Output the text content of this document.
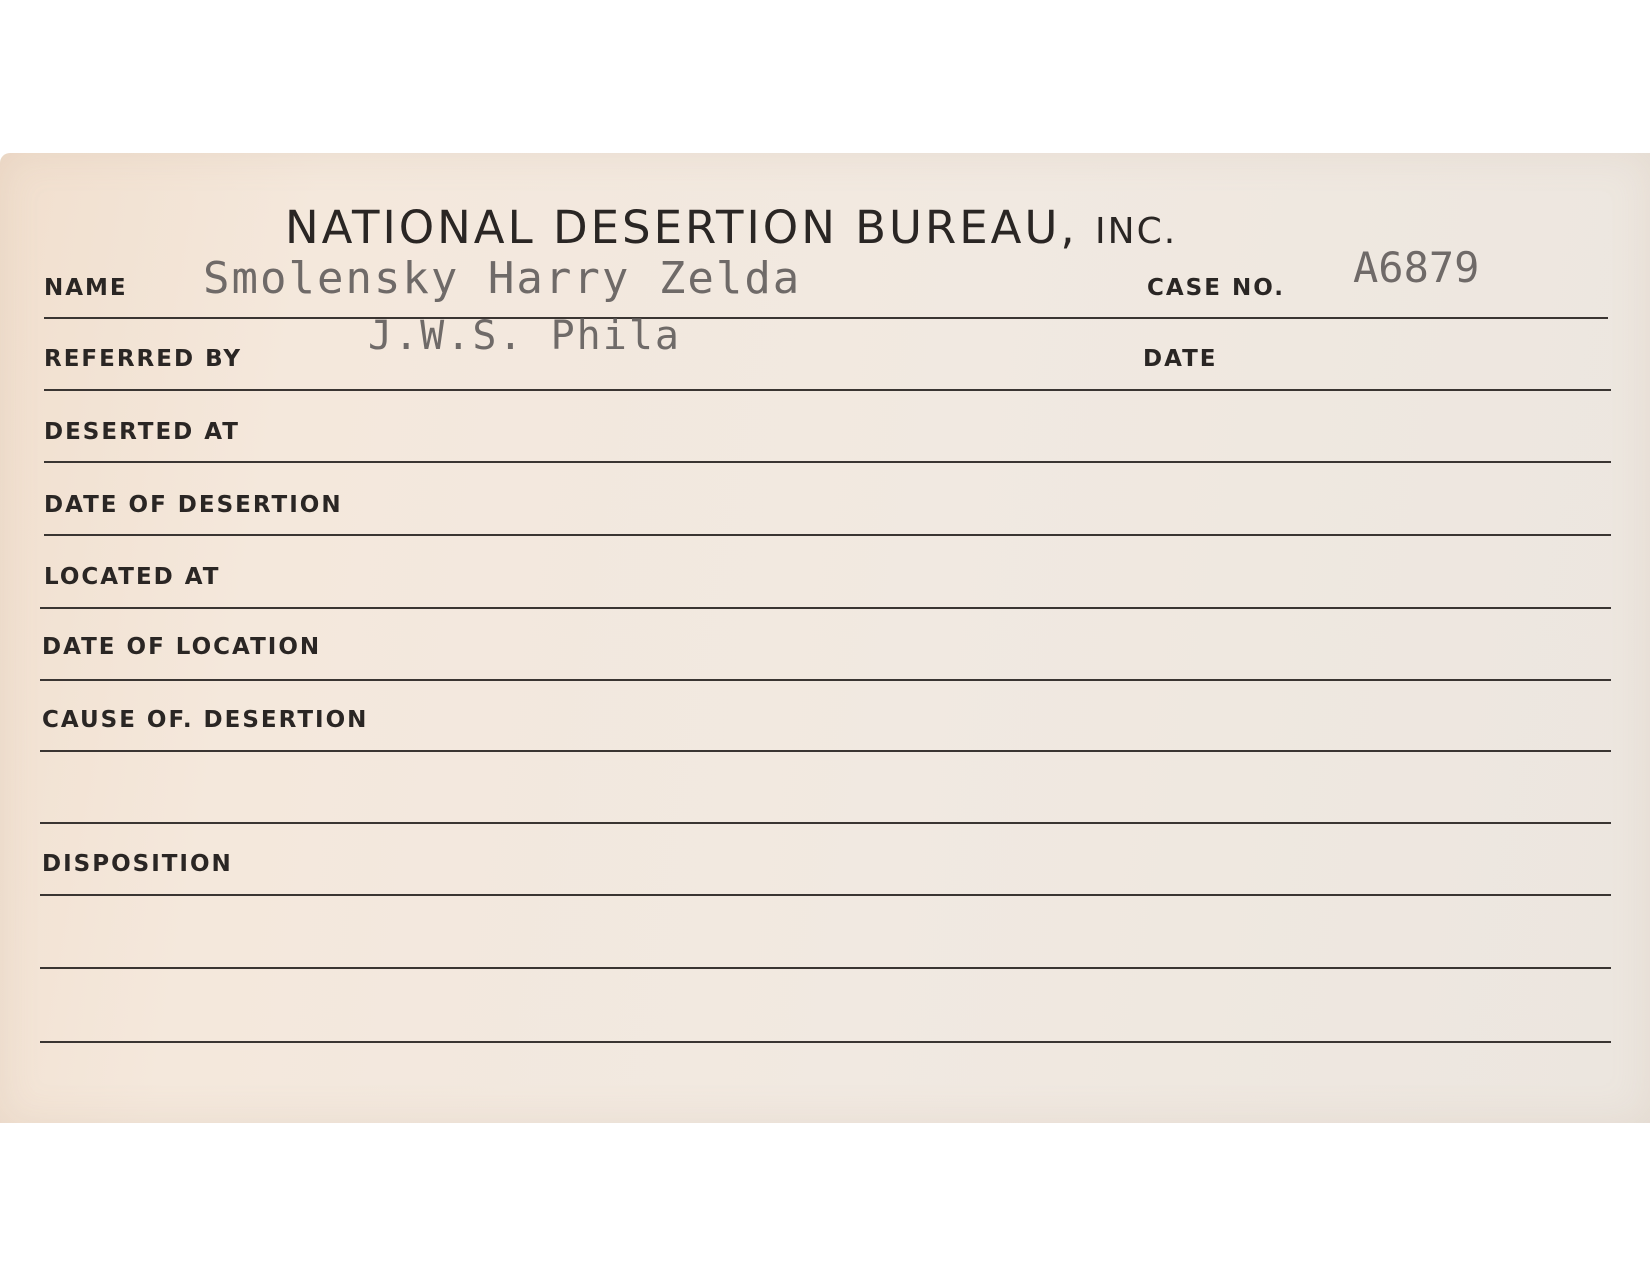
NATIONAL DESERTION BUREAU, INC.
NAME Smolensky Harry Zelda	CASE NO. A6879
REFERRED BY	J.W.S. Phila	DATE
DESERTED AT
DATE OF DESERTION
LOCATED AT
DATE OF LOCATION
CAUSE OF. DESERTION
DISPOSITION
